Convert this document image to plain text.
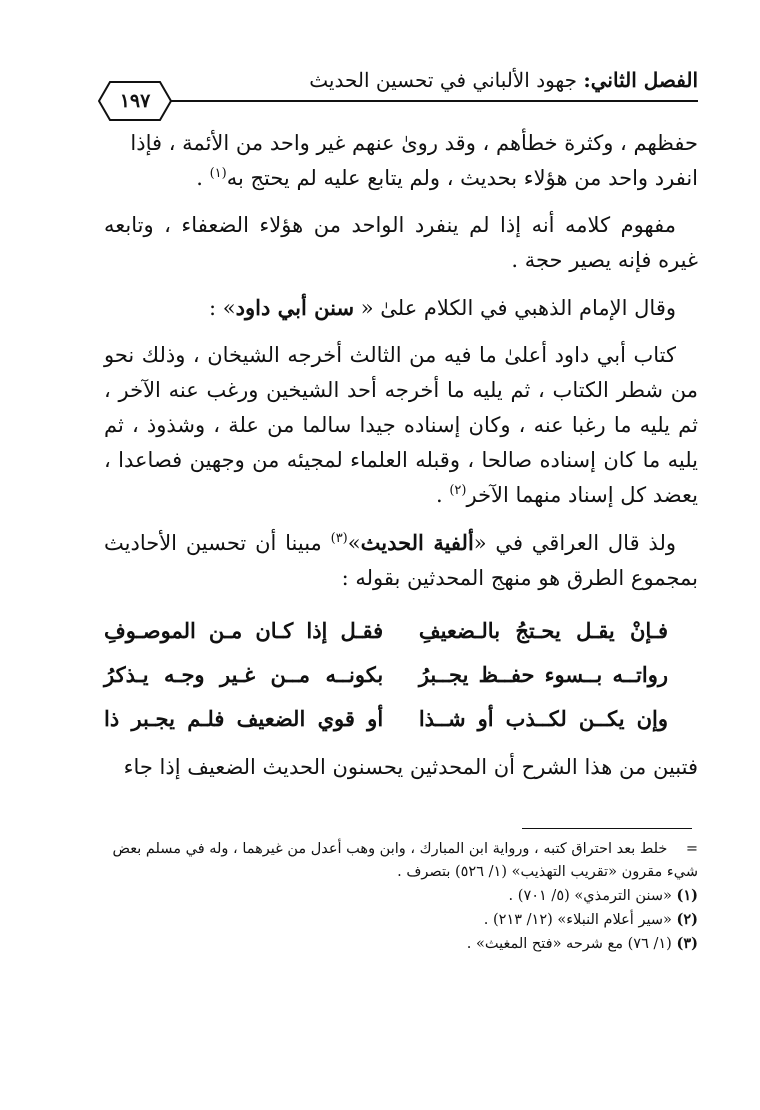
الفصل الثاني: جهود الألباني في تحسين الحديث
١٩٧

حفظهم ، وكثرة خطأهم ، وقد روىٰ عنهم غير واحد من الأئمة ، فإذا
انفرد واحد من هؤلاء بحديث ، ولم يتابع عليه لم يحتج به$^{(١)}$ .

مفهوم كلامه أنه إذا لم ينفرد الواحد من هؤلاء الضعفاء ، وتابعه غيره فإنه يصير حجة .

وقال الإمام الذهبي في الكلام علىٰ « سنن أبي داود» :

كتاب أبي داود أعلىٰ ما فيه من الثالث أخرجه الشيخان ، وذلك نحو من شطر الكتاب ، ثم يليه ما أخرجه أحد الشيخين ورغب عنه الآخر ، ثم يليه ما رغبا عنه ، وكان إسناده جيدا سالما من علة ، وشذوذ ، ثم يليه ما كان إسناده صالحا ، وقبله العلماء لمجيئه من وجهين فصاعدا ، يعضد كل إسناد منهما الآخر$^{(٢)}$ .

ولذ قال العراقي في «ألفية الحديث»$^{(٣)}$ مبينا أن تحسين الأحاديث بمجموع الطرق هو منهج المحدثين بقوله :

فـإنْ يقـل يحـتجُ بالـضعيفِ
فقـل إذا كـان مـن الموصـوفِ
رواتــه بــسوء حفــظ يجــبرُ
بكونــه مــن غـير وجـه يـذكرُ
وإن يكــن لكــذب أو شــذا
أو قوي الضعيف فلـم يجـبر ذا

فتبين من هذا الشرح أن المحدثين يحسنون الحديث الضعيف إذا جاء

=    خلط بعد احتراق كتبه ، ورواية ابن المبارك ، وابن وهب أعدل من غيرهما ، وله في مسلم بعض شيء مقرون «تقريب التهذيب» (١/ ٥٢٦) بتصرف .

(١) «سنن الترمذي» (٥/ ٧٠١) .

(٢) «سير أعلام النبلاء» (١٢/ ٢١٣) .

(٣) (١/ ٧٦) مع شرحه «فتح المغيث» .
